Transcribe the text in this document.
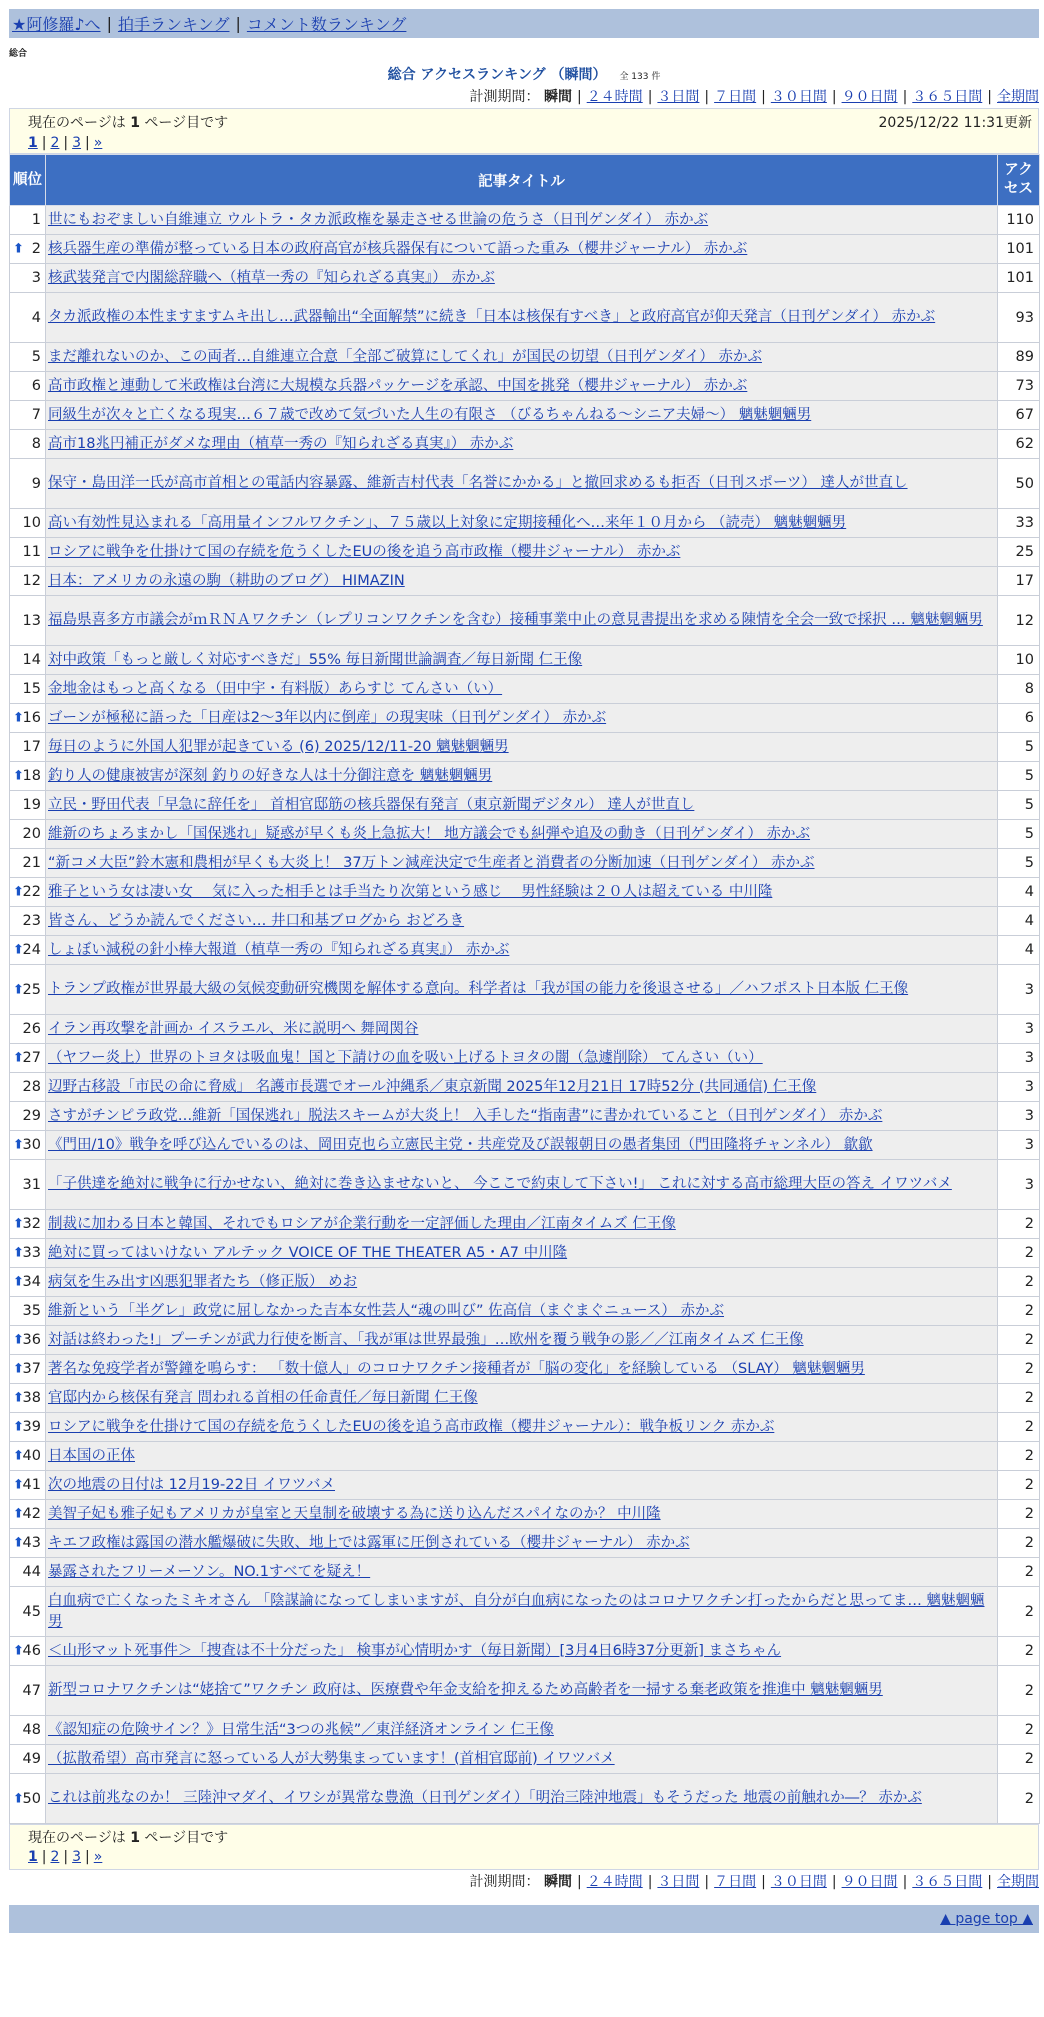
★阿修羅♪へ | 拍手ランキング | コメント数ランキング
総合
総合 アクセスランキング （瞬間） 全 133 件
計測期間： 瞬間 | ２４時間 | ３日間 | ７日間 | ３０日間 | ９０日間 | ３６５日間 | 全期間
現在のページは 1 ページ目です	2025/12/22 11:31更新
1 | 2 | 3 | »
順位	記事タイトル	アクセス
1	世にもおぞましい自維連立 ウルトラ・タカ派政権を暴走させる世論の危うさ（日刊ゲンダイ） 赤かぶ	110

⬆ 2	核兵器生産の準備が整っている日本の政府高官が核兵器保有について語った重み（櫻井ジャーナル） 赤かぶ	101
3	核武装発言で内閣総辞職へ（植草一秀の『知られざる真実』） 赤かぶ	101
4	タカ派政権の本性ますますムキ出し…武器輸出“全面解禁”に続き「日本は核保有すべき」と政府高官が仰天発言（日刊ゲンダイ） 赤かぶ	93
5	まだ離れないのか、この両者…自維連立合意「全部ご破算にしてくれ」が国民の切望（日刊ゲンダイ） 赤かぶ	89
6	高市政権と連動して米政権は台湾に大規模な兵器パッケージを承認、中国を挑発（櫻井ジャーナル） 赤かぶ	73
7	同級生が次々と亡くなる現実…６７歳で改めて気づいた人生の有限さ （びるちゃんねる〜シニア夫婦〜） 魑魅魍魎男	67
8	高市18兆円補正がダメな理由（植草一秀の『知られざる真実』） 赤かぶ	62
9	保守・島田洋一氏が高市首相との電話内容暴露、維新吉村代表「名誉にかかる」と撤回求めるも拒否（日刊スポーツ） 達人が世直し	50
10	高い有効性見込まれる「高用量インフルワクチン」、７５歳以上対象に定期接種化へ…来年１０月から （読売） 魑魅魍魎男	33
11	ロシアに戦争を仕掛けて国の存続を危うくしたEUの後を追う高市政権（櫻井ジャーナル） 赤かぶ	25
12	日本：アメリカの永遠の駒（耕助のブログ） HIMAZIN	17
13	福島県喜多方市議会がｍＲＮＡワクチン（レプリコンワクチンを含む）接種事業中止の意見書提出を求める陳情を全会一致で採択 … 魑魅魍魎男	12
14	対中政策「もっと厳しく対応すべきだ」55% 毎日新聞世論調査／毎日新聞 仁王像	10
15	金地金はもっと高くなる（田中宇・有料版）あらすじ てんさい（い）	8

⬆
16	ゴーンが極秘に語った「日産は2〜3年以内に倒産」の現実味（日刊ゲンダイ） 赤かぶ	6
17	毎日のように外国人犯罪が起きている (6) 2025/12/11-20 魑魅魍魎男	5

⬆
18	釣り人の健康被害が深刻 釣りの好きな人は十分御注意を 魑魅魍魎男	5
19	立民・野田代表「早急に辞任を」 首相官邸筋の核兵器保有発言（東京新聞デジタル） 達人が世直し	5
20	維新のちょろまかし「国保逃れ」疑惑が早くも炎上急拡大！ 地方議会でも糾弾や追及の動き（日刊ゲンダイ） 赤かぶ	5
21	“新コメ大臣”鈴木憲和農相が早くも大炎上！ 37万トン減産決定で生産者と消費者の分断加速（日刊ゲンダイ） 赤かぶ	5

⬆
22	雅子という女は凄い女 ＿気に入った相手とは手当たり次第という感じ ＿男性経験は２０人は超えている 中川隆	4
23	皆さん、どうか読んでください… 井口和基ブログから おどろき	4

⬆
24	しょぼい減税の針小棒大報道（植草一秀の『知られざる真実』） 赤かぶ	4

⬆
25	トランプ政権が世界最大級の気候変動研究機関を解体する意向。科学者は「我が国の能力を後退させる」／ハフポスト日本版 仁王像	3
26	イラン再攻撃を計画か イスラエル、米に説明へ 舞岡関谷	3

⬆
27	（ヤフー炎上）世界のトヨタは吸血鬼！国と下請けの血を吸い上げるトヨタの闇（急遽削除） てんさい（い）	3
28	辺野古移設「市民の命に脅威」 名護市長選でオール沖縄系／東京新聞 2025年12月21日 17時52分 (共同通信) 仁王像	3
29	さすがチンピラ政党…維新「国保逃れ」脱法スキームが大炎上！ 入手した“指南書”に書かれていること（日刊ゲンダイ） 赤かぶ	3

⬆
30	《門田/10》戦争を呼び込んでいるのは、岡田克也ら立憲民主党・共産党及び誤報朝日の愚者集団（門田隆将チャンネル） 歙歙	3
31	「子供達を絶対に戦争に行かせない、絶対に巻き込ませないと、 今ここで約束して下さい!」 これに対する高市総理大臣の答え イワツバメ	3

⬆
32	制裁に加わる日本と韓国、それでもロシアが企業行動を一定評価した理由／江南タイムズ 仁王像	2

⬆
33	絶対に買ってはいけない アルテック VOICE OF THE THEATER A5・A7 中川隆	2

⬆
34	病気を生み出す凶悪犯罪者たち（修正版） めお	2
35	維新という「半グレ」政党に屈しなかった吉本女性芸人“魂の叫び” 佐高信（まぐまぐニュース） 赤かぶ	2

⬆
36	対話は終わった!」プーチンが武力行使を断言、「我が軍は世界最強」…欧州を覆う戦争の影／／江南タイムズ 仁王像	2

⬆
37	著名な免疫学者が警鐘を鳴らす： 「数十億人」のコロナワクチン接種者が「脳の変化」を経験している （SLAY） 魑魅魍魎男	2

⬆
38	官邸内から核保有発言 問われる首相の任命責任／毎日新聞 仁王像	2

⬆
39	ロシアに戦争を仕掛けて国の存続を危うくしたEUの後を追う高市政権（櫻井ジャーナル）：戦争板リンク 赤かぶ	2

⬆
40	日本国の正体	2

⬆
41	次の地震の日付は 12月19-22日 イワツバメ	2

⬆
42	美智子妃も雅子妃もアメリカが皇室と天皇制を破壊する為に送り込んだスパイなのか？ 中川隆	2

⬆
43	キエフ政権は露国の潜水艦爆破に失敗、地上では露軍に圧倒されている（櫻井ジャーナル） 赤かぶ	2
44	暴露されたフリーメーソン。NO.1すべてを疑え！	2
45	白血病で亡くなったミキオさん 「陰謀論になってしまいますが、自分が白血病になったのはコロナワクチン打ったからだと思ってま… 魑魅魍魎男	2

⬆
46	＜山形マット死事件＞「捜査は不十分だった」 検事が心情明かす（毎日新聞）[3月4日6時37分更新] まさちゃん	2
47	新型コロナワクチンは“姥捨て”ワクチン 政府は、医療費や年金支給を抑えるため高齢者を一掃する棄老政策を推進中 魑魅魍魎男	2
48	《認知症の危険サイン？》日常生活“3つの兆候”／東洋経済オンライン 仁王像	2
49	（拡散希望）高市発言に怒っている人が大勢集まっています！(首相官邸前) イワツバメ	2

⬆
50	これは前兆なのか！ 三陸沖マダイ、イワシが異常な豊漁（日刊ゲンダイ）「明治三陸沖地震」もそうだった 地震の前触れか―？ 赤かぶ	2
現在のページは 1 ページ目です
1 | 2 | 3 | »
計測期間： 瞬間 | ２４時間 | ３日間 | ７日間 | ３０日間 | ９０日間 | ３６５日間 | 全期間
▲ page top ▲
